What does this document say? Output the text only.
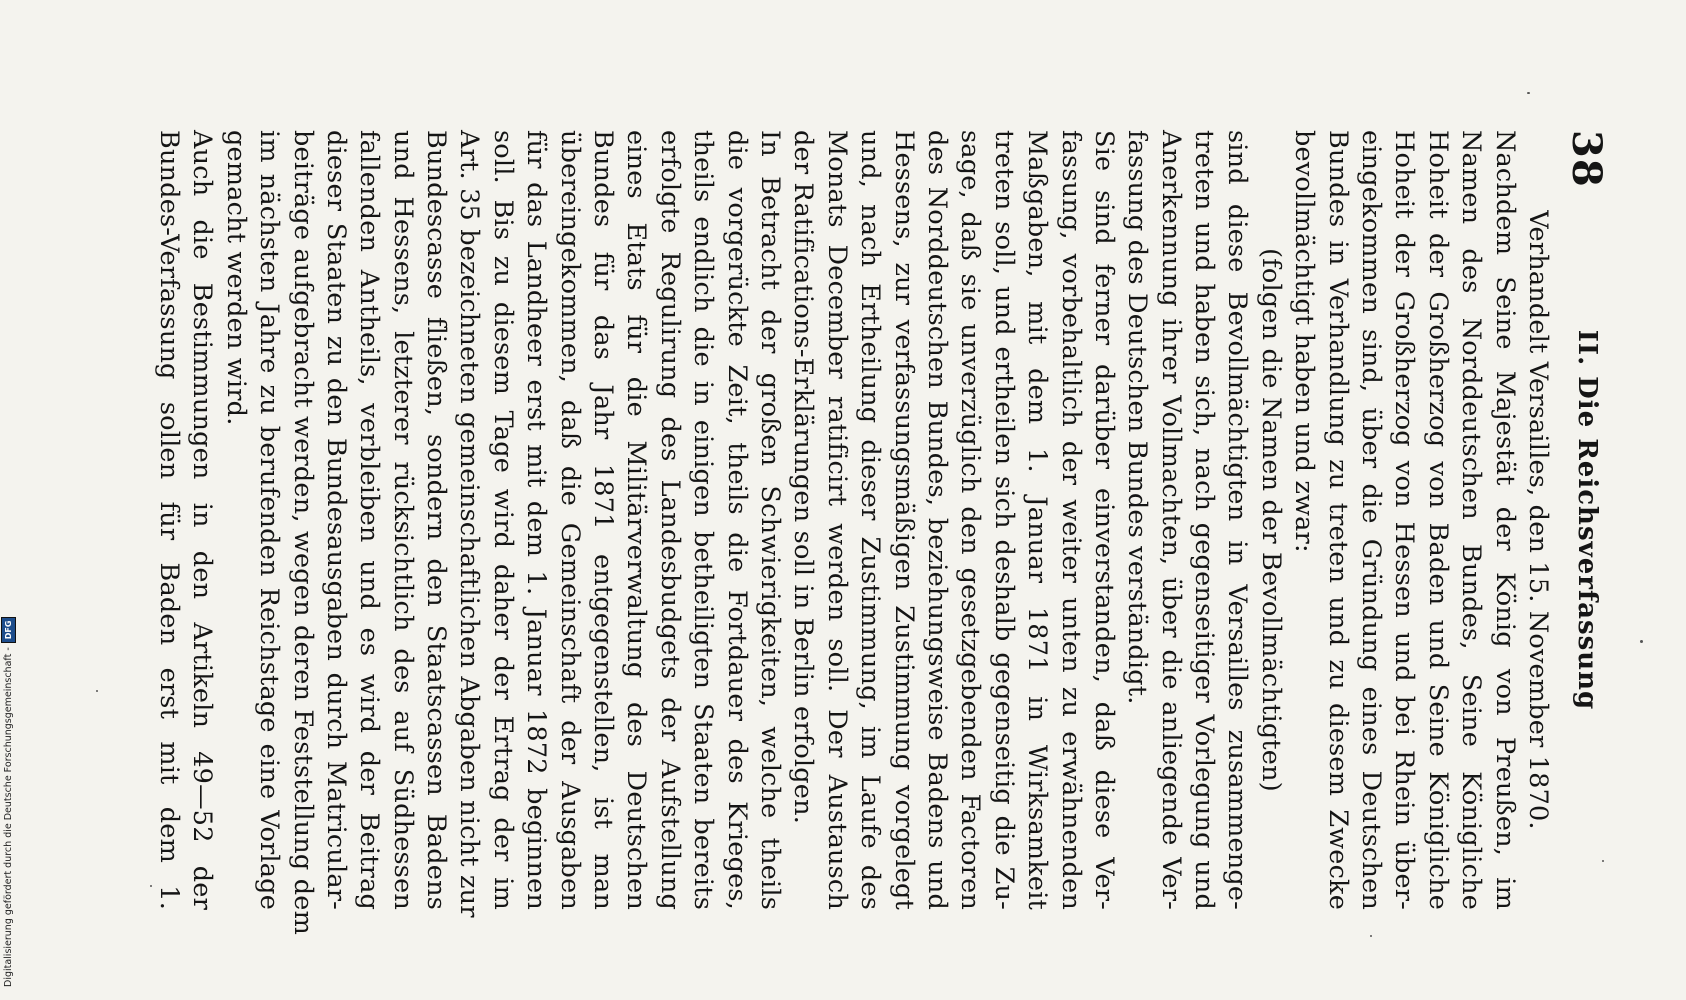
38
II. Die Reichsverfassung
Verhandelt Versailles, den 15. November 1870.
Nachdem Seine Majestät der König von Preußen, im
Namen des Norddeutschen Bundes, Seine Königliche
Hoheit der Großherzog von Baden und Seine Königliche
Hoheit der Großherzog von Hessen und bei Rhein über-
eingekommen sind, über die Gründung eines Deutschen
Bundes in Verhandlung zu treten und zu diesem Zwecke
bevollmächtigt haben und zwar:
(folgen die Namen der Bevollmächtigten)
sind diese Bevollmächtigten in Versailles zusammenge-
treten und haben sich, nach gegenseitiger Vorlegung und
Anerkennung ihrer Vollmachten, über die anliegende Ver-
fassung des Deutschen Bundes verständigt.
Sie sind ferner darüber einverstanden, daß diese Ver-
fassung, vorbehaltlich der weiter unten zu erwähnenden
Maßgaben, mit dem 1. Januar 1871 in Wirksamkeit
treten soll, und ertheilen sich deshalb gegenseitig die Zu-
sage, daß sie unverzüglich den gesetzgebenden Factoren
des Norddeutschen Bundes, beziehungsweise Badens und
Hessens, zur verfassungsmäßigen Zustimmung vorgelegt
und, nach Ertheilung dieser Zustimmung, im Laufe des
Monats December ratificirt werden soll. Der Austausch
der Ratifications-Erklärungen soll in Berlin erfolgen.
In Betracht der großen Schwierigkeiten, welche theils
die vorgerückte Zeit, theils die Fortdauer des Krieges,
theils endlich die in einigen betheiligten Staaten bereits
erfolgte Regulirung des Landesbudgets der Aufstellung
eines Etats für die Militärverwaltung des Deutschen
Bundes für das Jahr 1871 entgegenstellen, ist man
übereingekommen, daß die Gemeinschaft der Ausgaben
für das Landheer erst mit dem 1. Januar 1872 beginnen
soll. Bis zu diesem Tage wird daher der Ertrag der im
Art. 35 bezeichneten gemeinschaftlichen Abgaben nicht zur
Bundescasse fließen, sondern den Staatscassen Badens
und Hessens, letzterer rücksichtlich des auf Südhessen
fallenden Antheils, verbleiben und es wird der Beitrag
dieser Staaten zu den Bundesausgaben durch Matricular-
beiträge aufgebracht werden, wegen deren Feststellung dem
im nächsten Jahre zu berufenden Reichstage eine Vorlage
gemacht werden wird.
Auch die Bestimmungen in den Artikeln 49—52 der
Bundes-Verfassung sollen für Baden erst mit dem 1.
Digitalisierung gefördert durch die Deutsche Forschungsgemeinschaft -
DFG
